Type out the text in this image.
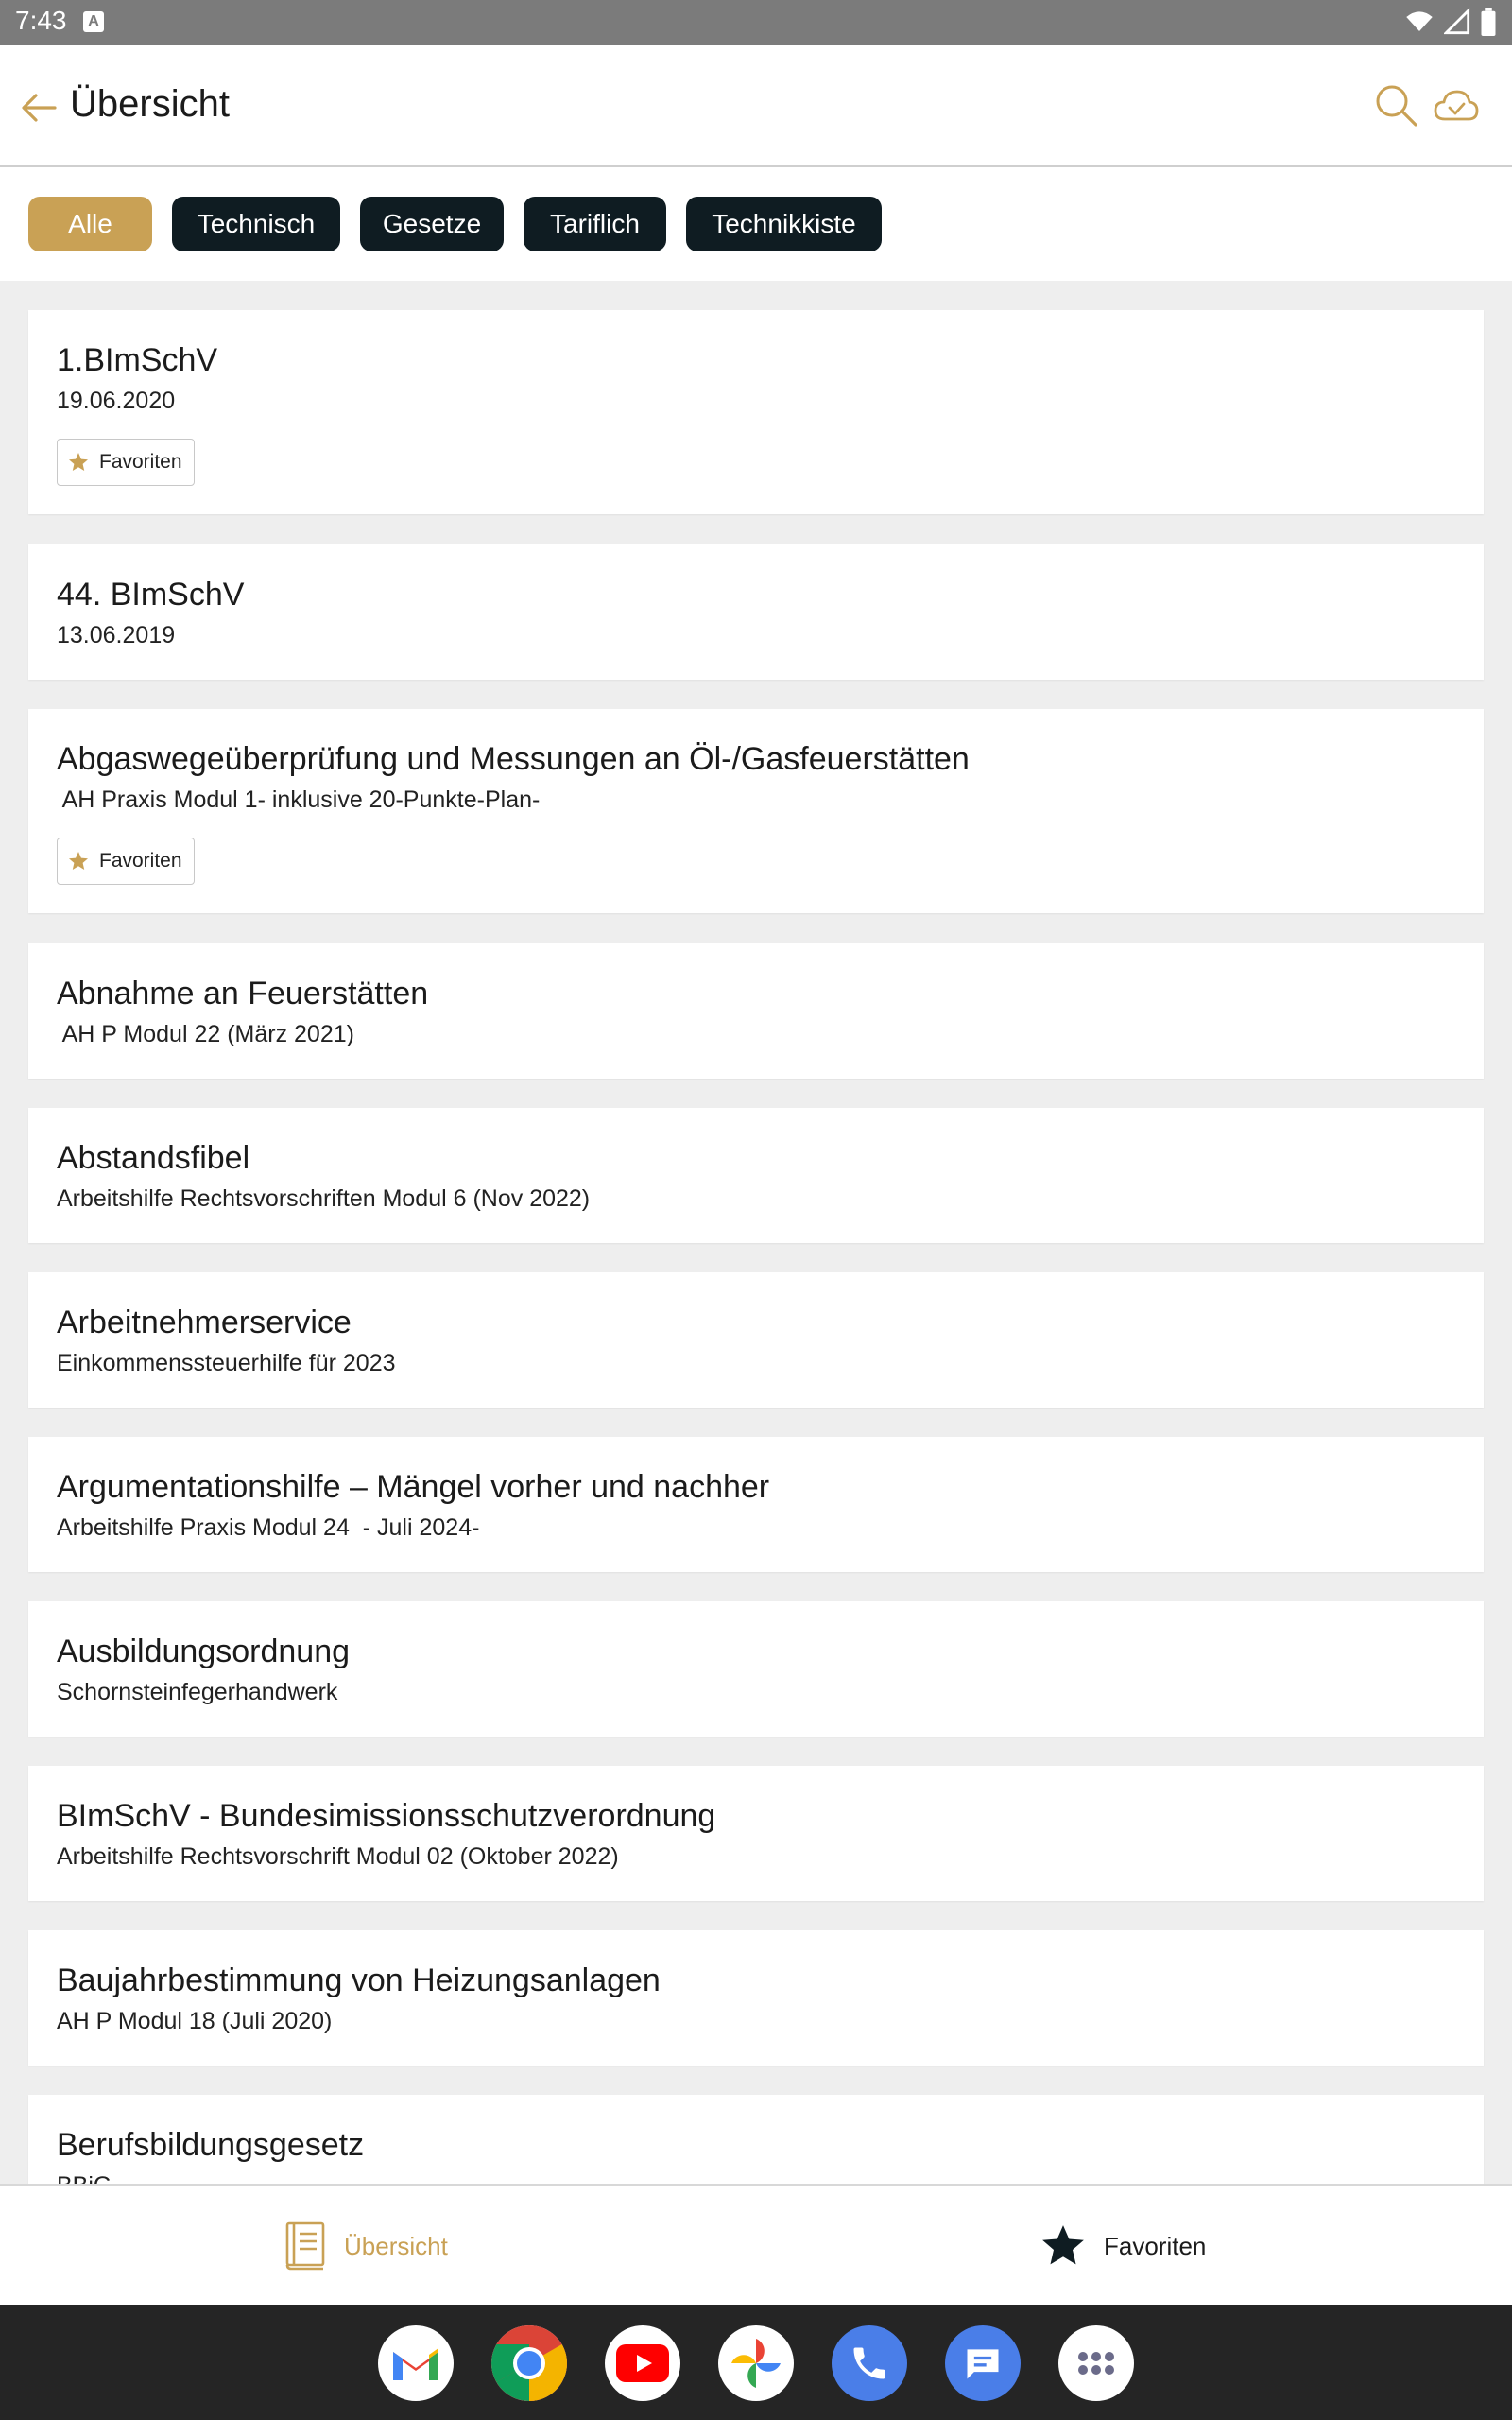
7:43	A

Übersicht
Alle	Technisch	Gesetze	Tariflich	Technikkiste
1.BImSchV
19.06.2020
Favoriten
44. BImSchV
13.06.2019
Abgaswegeüberprüfung und Messungen an Öl-/Gasfeuerstätten
AH Praxis Modul 1- inklusive 20-Punkte-Plan-
Favoriten
Abnahme an Feuerstätten
AH P Modul 22 (März 2021)
Abstandsfibel
Arbeitshilfe Rechtsvorschriften Modul 6 (Nov 2022)
Arbeitnehmerservice
Einkommenssteuerhilfe für 2023
Argumentationshilfe – Mängel vorher und nachher
Arbeitshilfe Praxis Modul 24  - Juli 2024-
Ausbildungsordnung
Schornsteinfegerhandwerk
BImSchV - Bundesimissionsschutzverordnung
Arbeitshilfe Rechtsvorschrift Modul 02 (Oktober 2022)
Baujahrbestimmung von Heizungsanlagen
AH P Modul 18 (Juli 2020)
Berufsbildungsgesetz
Übersicht	Favoriten
